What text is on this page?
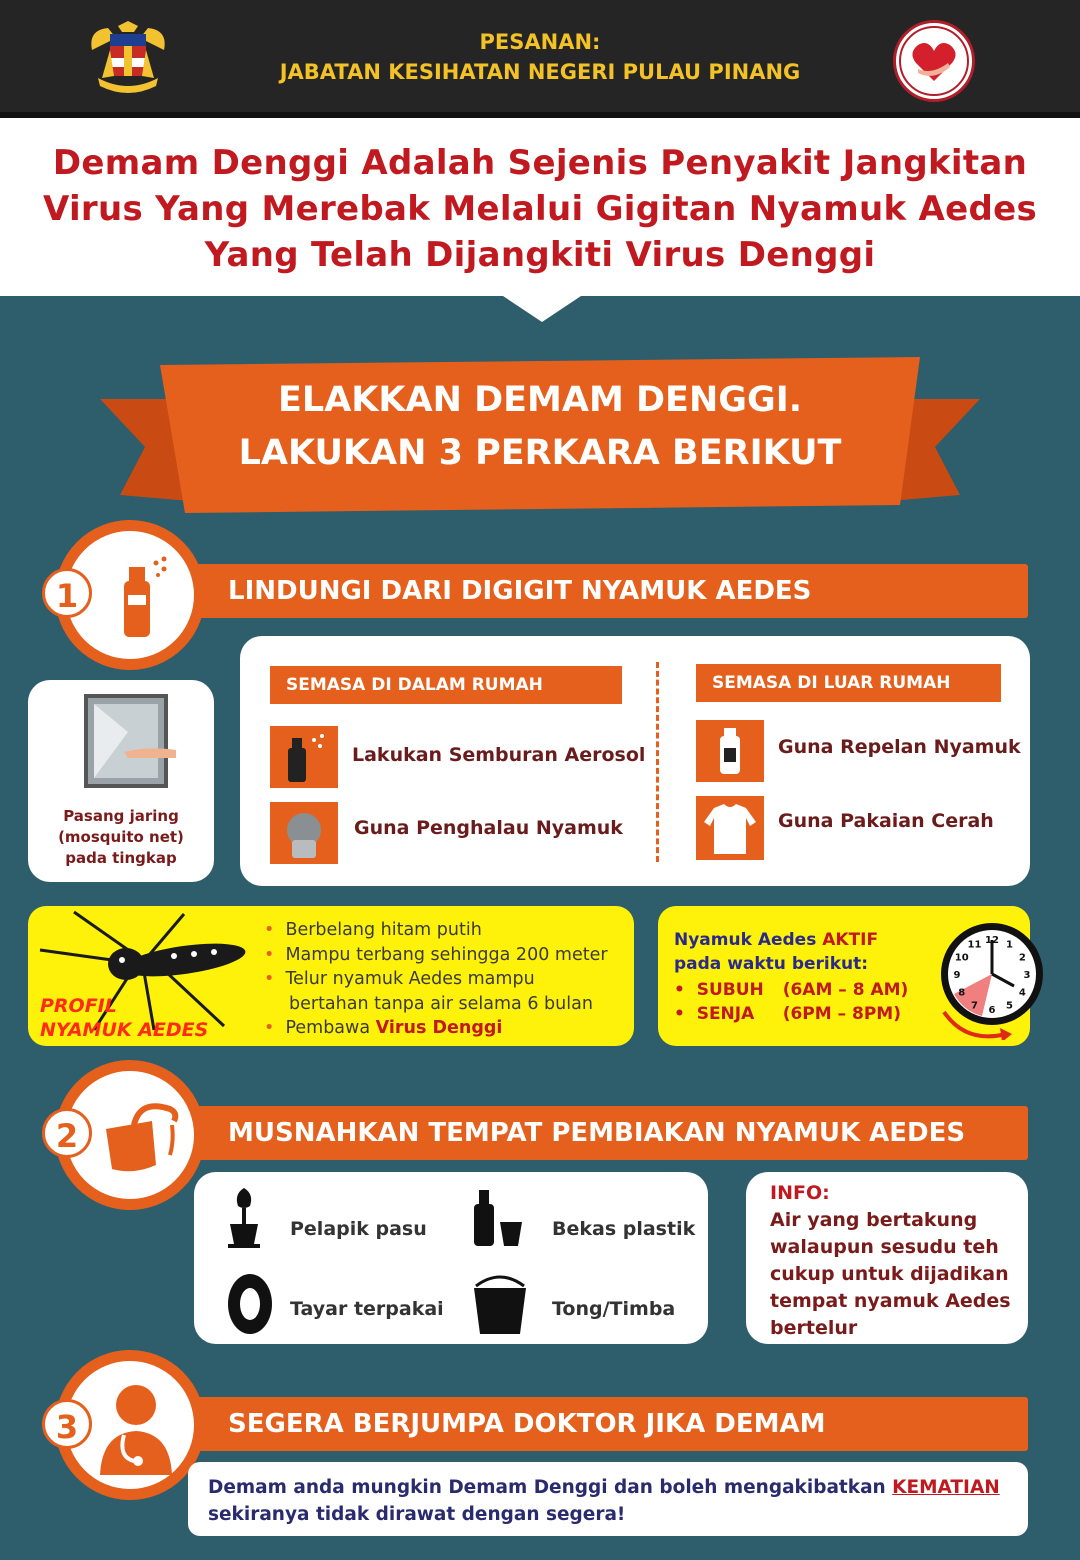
PESANAN:
JABATAN KESIHATAN NEGERI PULAU PINANG
Demam Denggi Adalah Sejenis Penyakit Jangkitan
Virus Yang Merebak Melalui Gigitan Nyamuk Aedes
Yang Telah Dijangkiti Virus Denggi
ELAKKAN DEMAM DENGGI.
LAKUKAN 3 PERKARA BERIKUT
LINDUNGI DARI DIGIGIT NYAMUK AEDES
1
Pasang jaring
(mosquito net)
pada tingkap
SEMASA DI DALAM RUMAH	SEMASA DI LUAR RUMAH
Lakukan Semburan Aerosol
Guna Penghalau Nyamuk
Guna Repelan Nyamuk
Guna Pakaian Cerah
PROFIL
NYAMUK AEDES
•  Berbelang hitam putih
•  Mampu terbang sehingga 200 meter
•  Telur nyamuk Aedes mampu
bertahan tanpa air selama 6 bulan
•  Pembawa Virus Denggi
Nyamuk Aedes AKTIF
pada waktu berikut:
•  SUBUH (6AM – 8 AM)
•  SENJA (6PM – 8PM)
12 1
2
3
4
5
6
7
8
9
10
11
MUSNAHKAN TEMPAT PEMBIAKAN NYAMUK AEDES
2
Pelapik pasu	Bekas plastik
Tayar terpakai	Tong/Timba
INFO:
Air yang bertakung
walaupun sesudu teh
cukup untuk dijadikan
tempat nyamuk Aedes
bertelur
SEGERA BERJUMPA DOKTOR JIKA DEMAM
3
Demam anda mungkin Demam Denggi dan boleh mengakibatkan KEMATIAN
sekiranya tidak dirawat dengan segera!
